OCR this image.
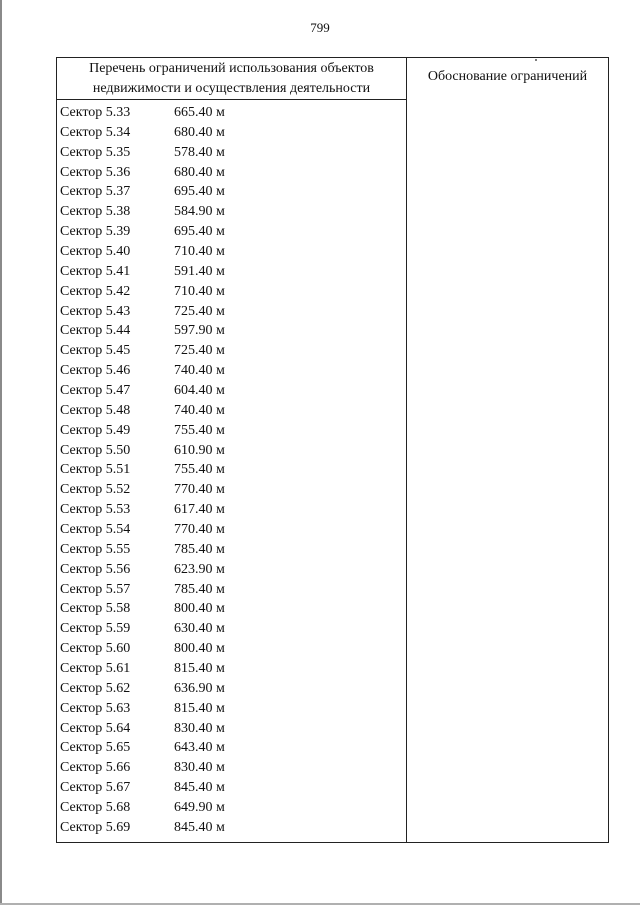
799
Перечень ограничений использования объектов
недвижимости и осуществления деятельности
Обоснование ограничений
Сектор 5.33	665.40 м
Сектор 5.34	680.40 м
Сектор 5.35	578.40 м
Сектор 5.36	680.40 м
Сектор 5.37	695.40 м
Сектор 5.38	584.90 м
Сектор 5.39	695.40 м
Сектор 5.40	710.40 м
Сектор 5.41	591.40 м
Сектор 5.42	710.40 м
Сектор 5.43	725.40 м
Сектор 5.44	597.90 м
Сектор 5.45	725.40 м
Сектор 5.46	740.40 м
Сектор 5.47	604.40 м
Сектор 5.48	740.40 м
Сектор 5.49	755.40 м
Сектор 5.50	610.90 м
Сектор 5.51	755.40 м
Сектор 5.52	770.40 м
Сектор 5.53	617.40 м
Сектор 5.54	770.40 м
Сектор 5.55	785.40 м
Сектор 5.56	623.90 м
Сектор 5.57	785.40 м
Сектор 5.58	800.40 м
Сектор 5.59	630.40 м
Сектор 5.60	800.40 м
Сектор 5.61	815.40 м
Сектор 5.62	636.90 м
Сектор 5.63	815.40 м
Сектор 5.64	830.40 м
Сектор 5.65	643.40 м
Сектор 5.66	830.40 м
Сектор 5.67	845.40 м
Сектор 5.68	649.90 м
Сектор 5.69	845.40 м
